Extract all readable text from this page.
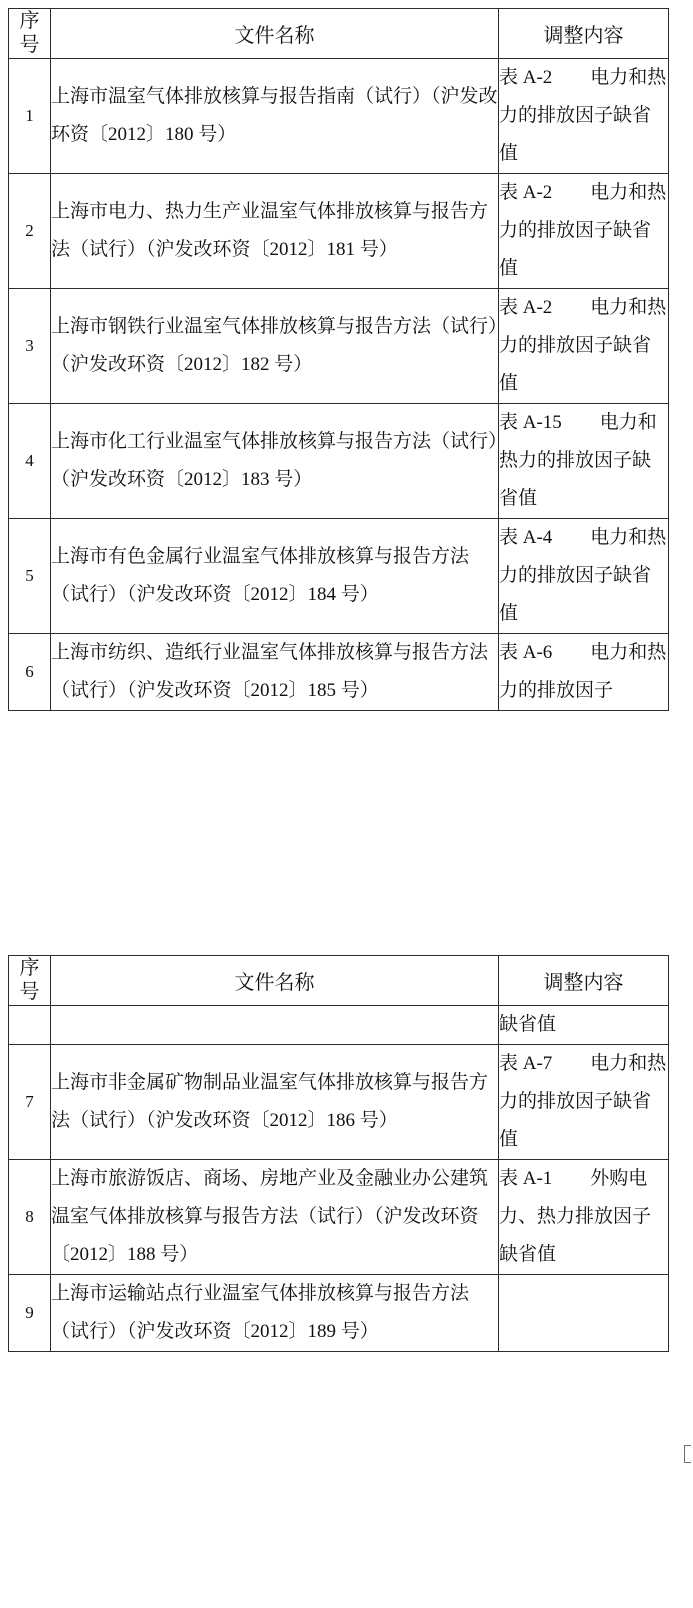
序
号	文件名称	调整内容
1	上海市温室气体排放核算与报告指南（试行）（沪发改环资〔2012〕180 号）	表 A-2　　电力和热力的排放因子缺省值
2	上海市电力、热力生产业温室气体排放核算与报告方法（试行）（沪发改环资〔2012〕181 号）	表 A-2　　电力和热力的排放因子缺省值
3	上海市钢铁行业温室气体排放核算与报告方法（试行）（沪发改环资〔2012〕182 号）	表 A-2　　电力和热力的排放因子缺省值
4	上海市化工行业温室气体排放核算与报告方法（试行）（沪发改环资〔2012〕183 号）	表 A-15　　电力和热力的排放因子缺省值
5	上海市有色金属行业温室气体排放核算与报告方法（试行）（沪发改环资〔2012〕184 号）	表 A-4　　电力和热力的排放因子缺省值
6	上海市纺织、造纸行业温室气体排放核算与报告方法（试行）（沪发改环资〔2012〕185 号）	表 A-6　　电力和热力的排放因子
序
号	文件名称	调整内容
		缺省值
7	上海市非金属矿物制品业温室气体排放核算与报告方法（试行）（沪发改环资〔2012〕186 号）	表 A-7　　电力和热力的排放因子缺省值
8	上海市旅游饭店、商场、房地产业及金融业办公建筑温室气体排放核算与报告方法（试行）（沪发改环资〔2012〕188 号）	表 A-1　　外购电力、热力排放因子缺省值
9	上海市运输站点行业温室气体排放核算与报告方法（试行）（沪发改环资〔2012〕189 号）	
